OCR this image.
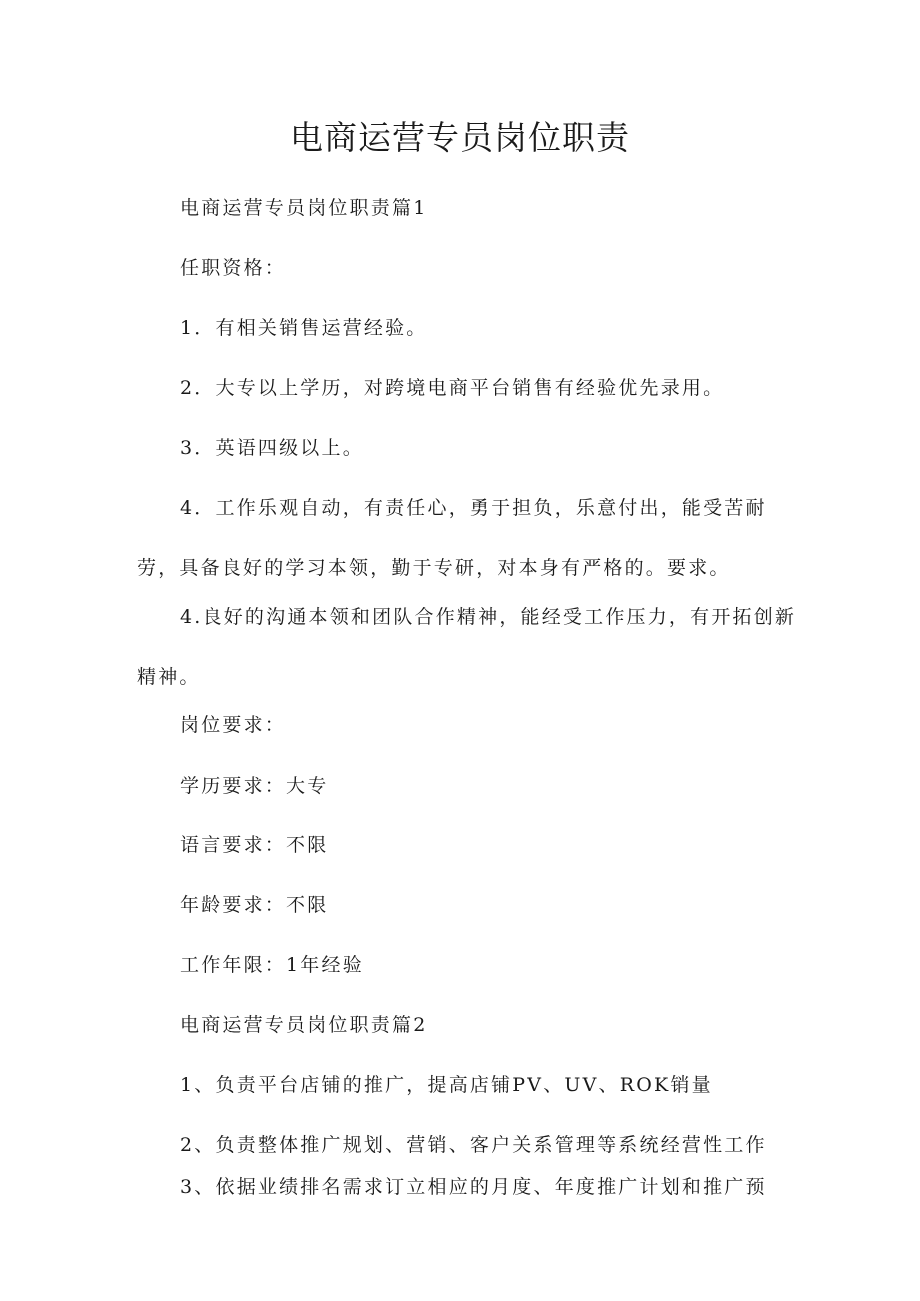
电商运营专员岗位职责

电商运营专员岗位职责篇1

任职资格：

1．有相关销售运营经验。

2．大专以上学历，对跨境电商平台销售有经验优先录用。

3．英语四级以上。

4．工作乐观自动，有责任心，勇于担负，乐意付出，能受苦耐劳，具备良好的学习本领，勤于专研，对本身有严格的。要求。

4.良好的沟通本领和团队合作精神，能经受工作压力，有开拓创新精神。

岗位要求：

学历要求：大专

语言要求：不限

年龄要求：不限

工作年限：1年经验

电商运营专员岗位职责篇2

1、负责平台店铺的推广，提高店铺PV、UV、ROK销量

2、负责整体推广规划、营销、客户关系管理等系统经营性工作

3、依据业绩排名需求订立相应的月度、年度推广计划和推广预
